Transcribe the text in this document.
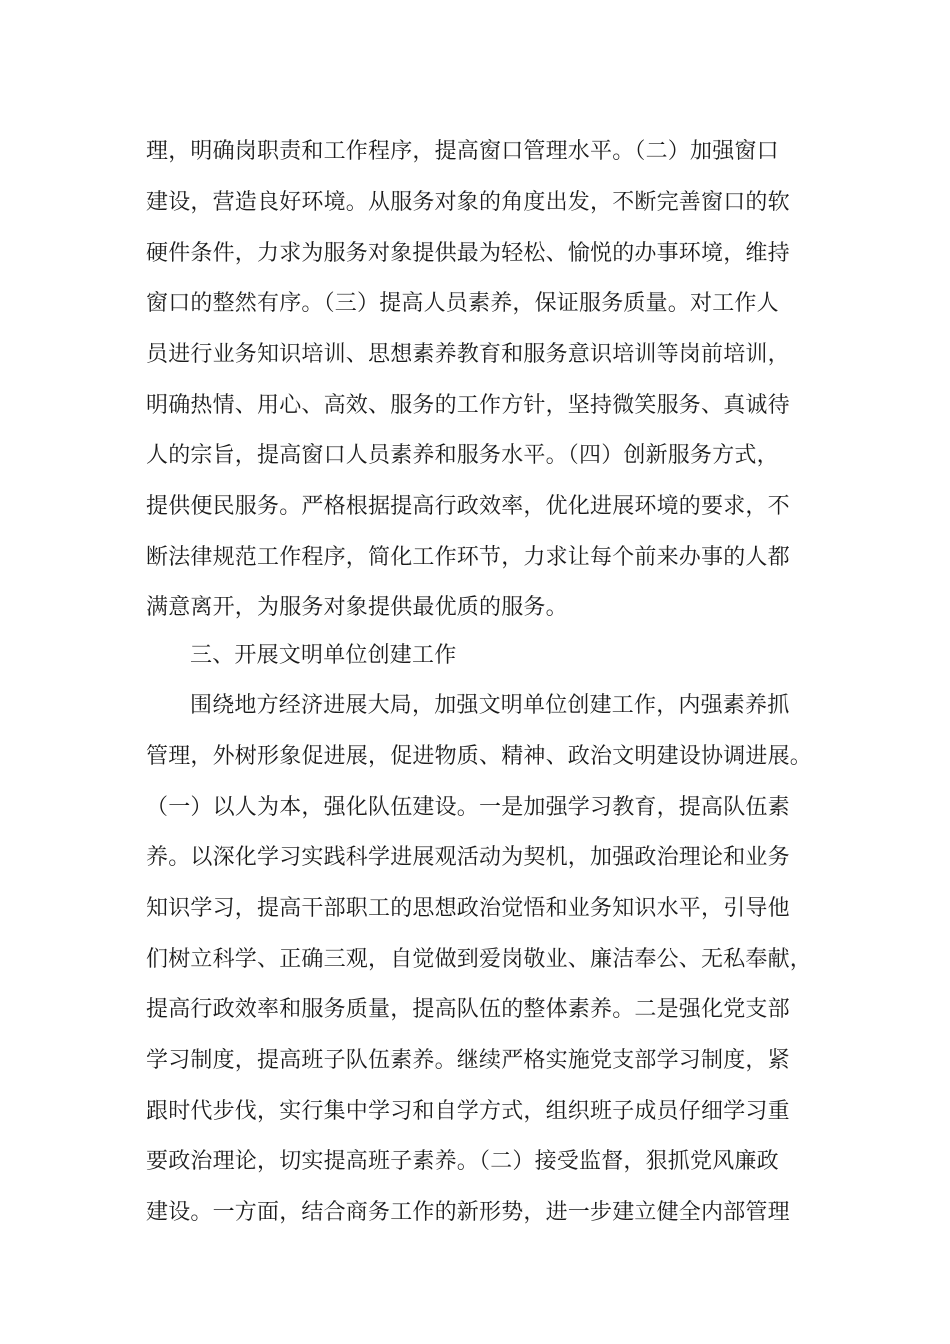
理，明确岗职责和工作程序，提高窗口管理水平。（二）加强窗口
建设，营造良好环境。从服务对象的角度出发，不断完善窗口的软
硬件条件，力求为服务对象提供最为轻松、愉悦的办事环境，维持
窗口的整然有序。（三）提高人员素养，保证服务质量。对工作人
员进行业务知识培训、思想素养教育和服务意识培训等岗前培训，
明确热情、用心、高效、服务的工作方针，坚持微笑服务、真诚待
人的宗旨，提高窗口人员素养和服务水平。（四）创新服务方式，
提供便民服务。严格根据提高行政效率，优化进展环境的要求，不
断法律规范工作程序，简化工作环节，力求让每个前来办事的人都
满意离开，为服务对象提供最优质的服务。
三、开展文明单位创建工作
围绕地方经济进展大局，加强文明单位创建工作，内强素养抓
管理，外树形象促进展，促进物质、精神、政治文明建设协调进展。
（一）以人为本，强化队伍建设。一是加强学习教育，提高队伍素
养。以深化学习实践科学进展观活动为契机，加强政治理论和业务
知识学习，提高干部职工的思想政治觉悟和业务知识水平，引导他
们树立科学、正确三观，自觉做到爱岗敬业、廉洁奉公、无私奉献，
提高行政效率和服务质量，提高队伍的整体素养。二是强化党支部
学习制度，提高班子队伍素养。继续严格实施党支部学习制度，紧
跟时代步伐，实行集中学习和自学方式，组织班子成员仔细学习重
要政治理论，切实提高班子素养。（二）接受监督，狠抓党风廉政
建设。一方面，结合商务工作的新形势，进一步建立健全内部管理
